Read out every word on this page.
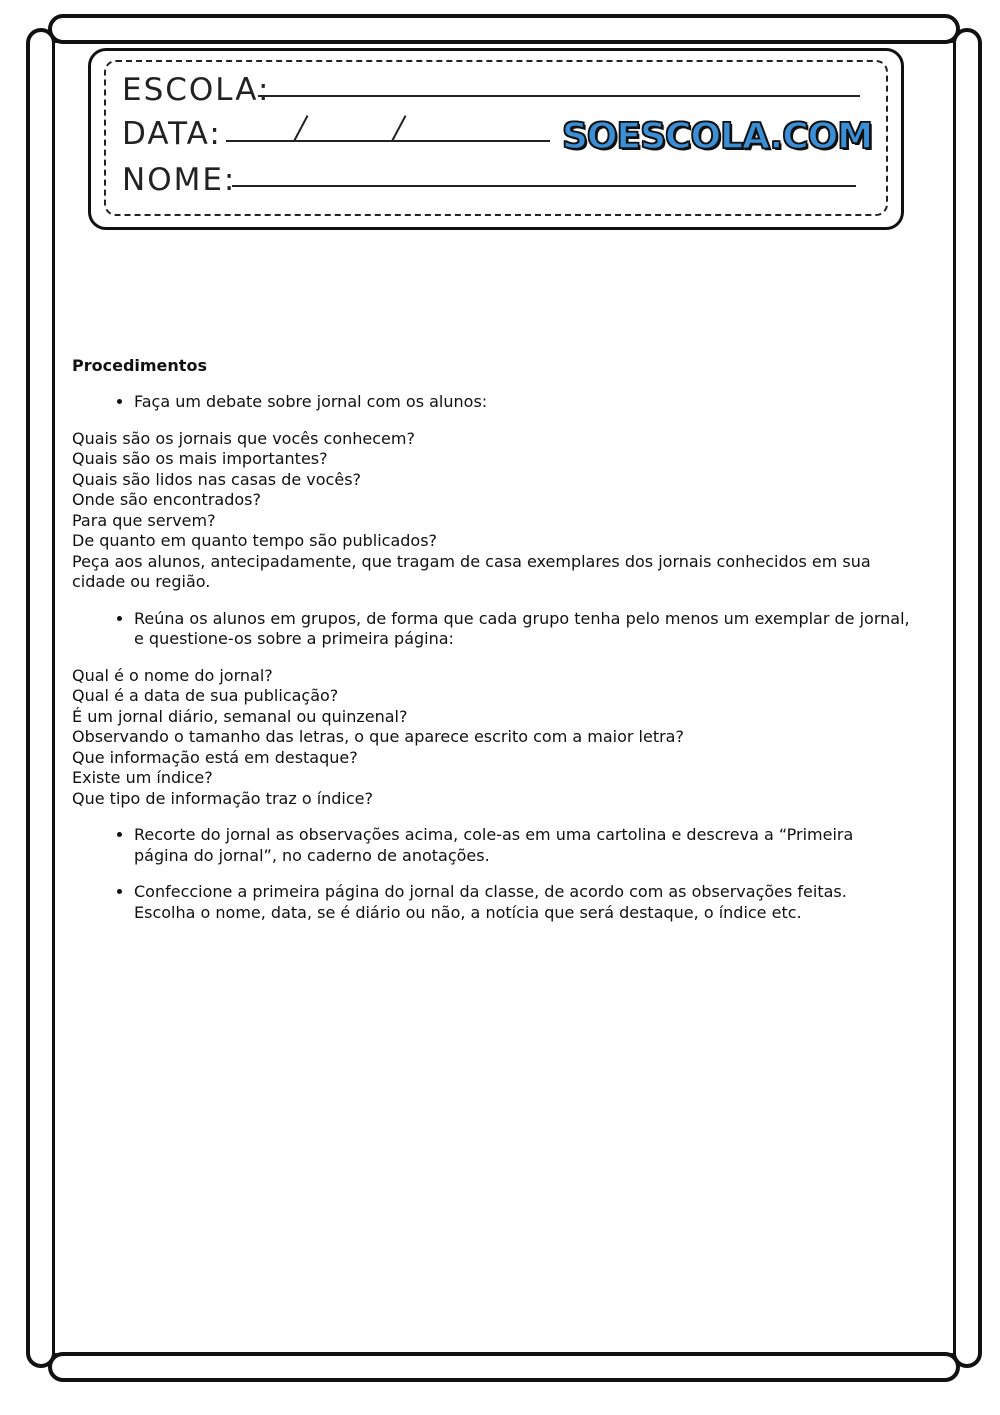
ESCOLA:
DATA:	SOESCOLA.COM
NOME:
Procedimentos
• Faça um debate sobre jornal com os alunos:
Quais são os jornais que vocês conhecem?
Quais são os mais importantes?
Quais são lidos nas casas de vocês?
Onde são encontrados?
Para que servem?
De quanto em quanto tempo são publicados?
Peça aos alunos, antecipadamente, que tragam de casa exemplares dos jornais conhecidos em sua cidade ou região.
• Reúna os alunos em grupos, de forma que cada grupo tenha pelo menos um exemplar de jornal, e questione-os sobre a primeira página:
Qual é o nome do jornal?
Qual é a data de sua publicação?
É um jornal diário, semanal ou quinzenal?
Observando o tamanho das letras, o que aparece escrito com a maior letra?
Que informação está em destaque?
Existe um índice?
Que tipo de informação traz o índice?
• Recorte do jornal as observações acima, cole-as em uma cartolina e descreva a “Primeira página do jornal”, no caderno de anotações.
• Confeccione a primeira página do jornal da classe, de acordo com as observações feitas. Escolha o nome, data, se é diário ou não, a notícia que será destaque, o índice etc.
